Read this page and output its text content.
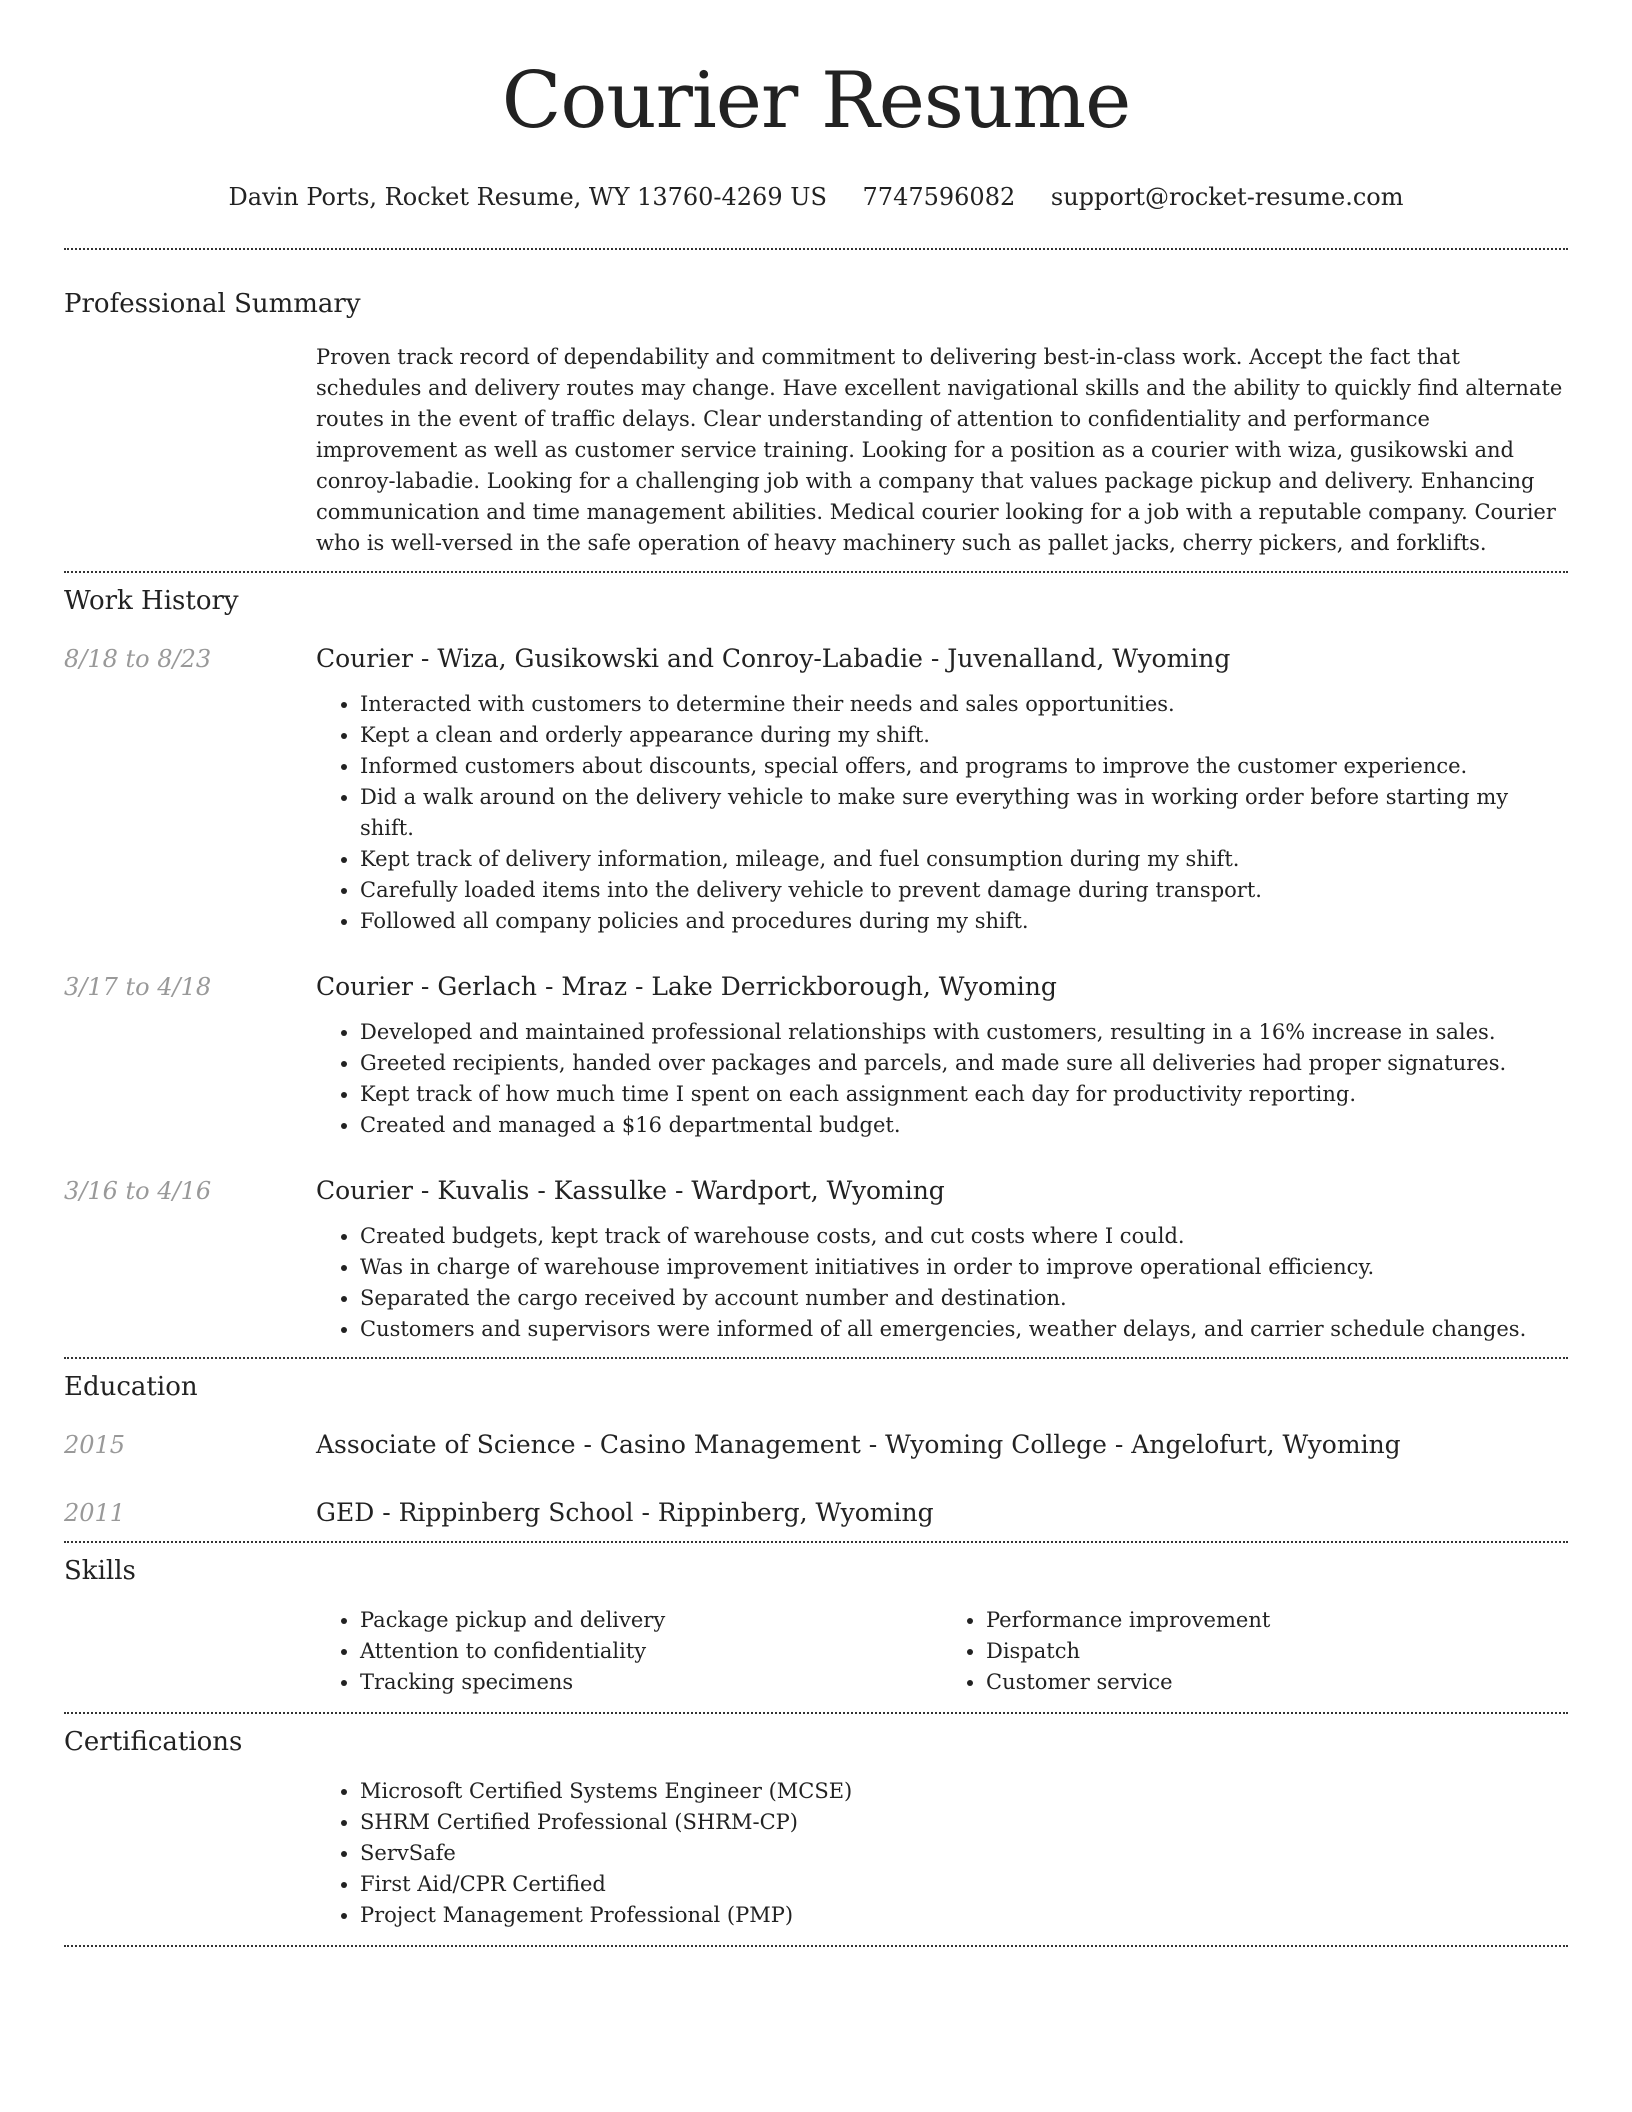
Courier Resume
Davin Ports, Rocket Resume, WY 13760-4269 US 7747596082 support@rocket-resume.com
Professional Summary

Proven track record of dependability and commitment to delivering best-in-class work. Accept the fact that schedules and delivery routes may change. Have excellent navigational skills and the ability to quickly find alternate routes in the event of traffic delays. Clear understanding of attention to confidentiality and performance improvement as well as customer service training. Looking for a position as a courier with wiza, gusikowski and conroy-labadie. Looking for a challenging job with a company that values package pickup and delivery. Enhancing communication and time management abilities. Medical courier looking for a job with a reputable company. Courier who is well-versed in the safe operation of heavy machinery such as pallet jacks, cherry pickers, and forklifts.

Work History
8/18 to 8/23	Courier - Wiza, Gusikowski and Conroy-Labadie - Juvenalland, Wyoming
• Interacted with customers to determine their needs and sales opportunities.
• Kept a clean and orderly appearance during my shift.
• Informed customers about discounts, special offers, and programs to improve the customer experience.
• Did a walk around on the delivery vehicle to make sure everything was in working order before starting my shift.
• Kept track of delivery information, mileage, and fuel consumption during my shift.
• Carefully loaded items into the delivery vehicle to prevent damage during transport.
• Followed all company policies and procedures during my shift.
3/17 to 4/18	Courier - Gerlach - Mraz - Lake Derrickborough, Wyoming
• Developed and maintained professional relationships with customers, resulting in a 16% increase in sales.
• Greeted recipients, handed over packages and parcels, and made sure all deliveries had proper signatures.
• Kept track of how much time I spent on each assignment each day for productivity reporting.
• Created and managed a $16 departmental budget.
3/16 to 4/16	Courier - Kuvalis - Kassulke - Wardport, Wyoming
• Created budgets, kept track of warehouse costs, and cut costs where I could.
• Was in charge of warehouse improvement initiatives in order to improve operational efficiency.
• Separated the cargo received by account number and destination.
• Customers and supervisors were informed of all emergencies, weather delays, and carrier schedule changes.
Education
2015	Associate of Science - Casino Management - Wyoming College - Angelofurt, Wyoming
2011	GED - Rippinberg School - Rippinberg, Wyoming
Skills
• Package pickup and delivery
• Attention to confidentiality
• Tracking specimens
• Performance improvement
• Dispatch
• Customer service
Certifications
• Microsoft Certified Systems Engineer (MCSE)
• SHRM Certified Professional (SHRM-CP)
• ServSafe
• First Aid/CPR Certified
• Project Management Professional (PMP)
